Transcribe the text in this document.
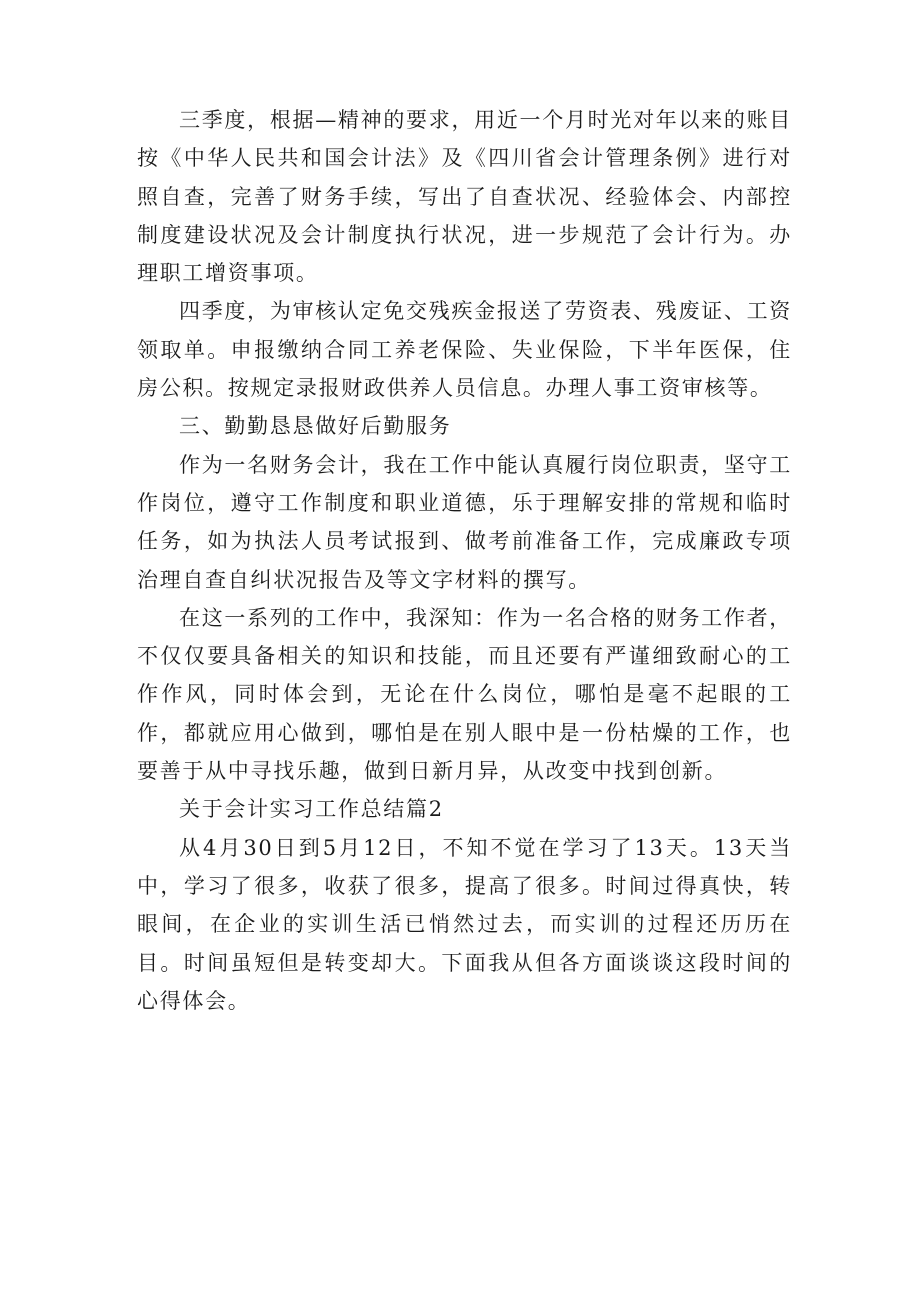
三季度，根据—精神的要求，用近一个月时光对年以来的账目按《中华人民共和国会计法》及《四川省会计管理条例》进行对照自查，完善了财务手续，写出了自查状况、经验体会、内部控制度建设状况及会计制度执行状况，进一步规范了会计行为。办理职工增资事项。

四季度，为审核认定免交残疾金报送了劳资表、残废证、工资领取单。申报缴纳合同工养老保险、失业保险，下半年医保，住房公积。按规定录报财政供养人员信息。办理人事工资审核等。

三、勤勤恳恳做好后勤服务

作为一名财务会计，我在工作中能认真履行岗位职责，坚守工作岗位，遵守工作制度和职业道德，乐于理解安排的常规和临时任务，如为执法人员考试报到、做考前准备工作，完成廉政专项治理自查自纠状况报告及等文字材料的撰写。

在这一系列的工作中，我深知：作为一名合格的财务工作者，不仅仅要具备相关的知识和技能，而且还要有严谨细致耐心的工作作风，同时体会到，无论在什么岗位，哪怕是毫不起眼的工作，都就应用心做到，哪怕是在别人眼中是一份枯燥的工作，也要善于从中寻找乐趣，做到日新月异，从改变中找到创新。

关于会计实习工作总结篇2

从4月30日到5月12日，不知不觉在学习了13天。13天当中，学习了很多，收获了很多，提高了很多。时间过得真快，转眼间，在企业的实训生活已悄然过去，而实训的过程还历历在目。时间虽短但是转变却大。下面我从但各方面谈谈这段时间的心得体会。
